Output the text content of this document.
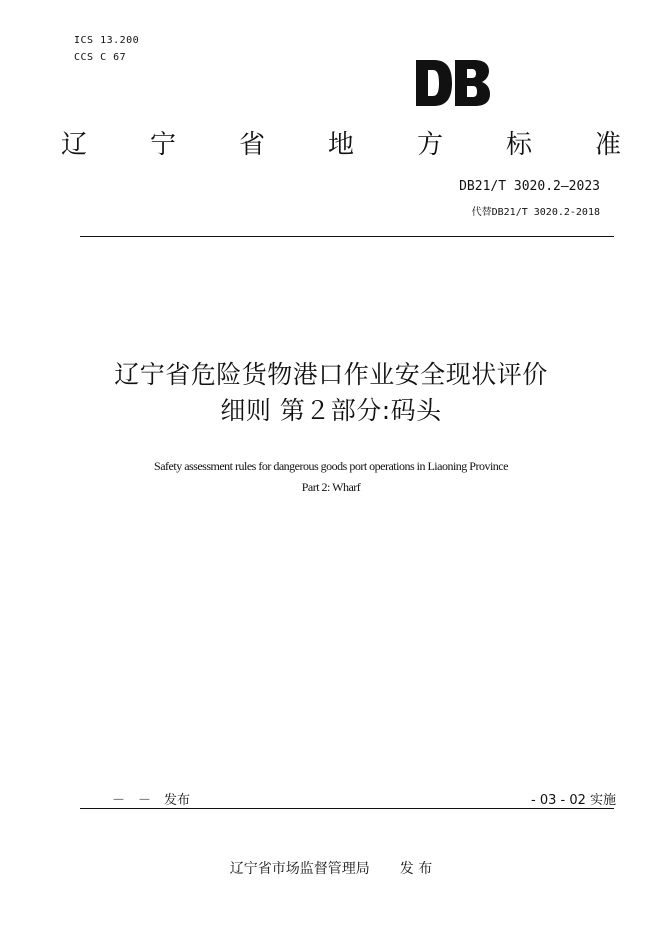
ICS 13.200
CCS C 67
辽 宁 省 地 方 标 准
DB21/T 3020.2—2023
代替DB21/T 3020.2-2018
辽宁省危险货物港口作业安全现状评价
细则 第２部分:码头
Safety assessment rules for dangerous goods port operations in Liaoning Province
Part 2: Wharf
－　－　发布	- 03 - 02 实施
辽宁省市场监督管理局 发 布
